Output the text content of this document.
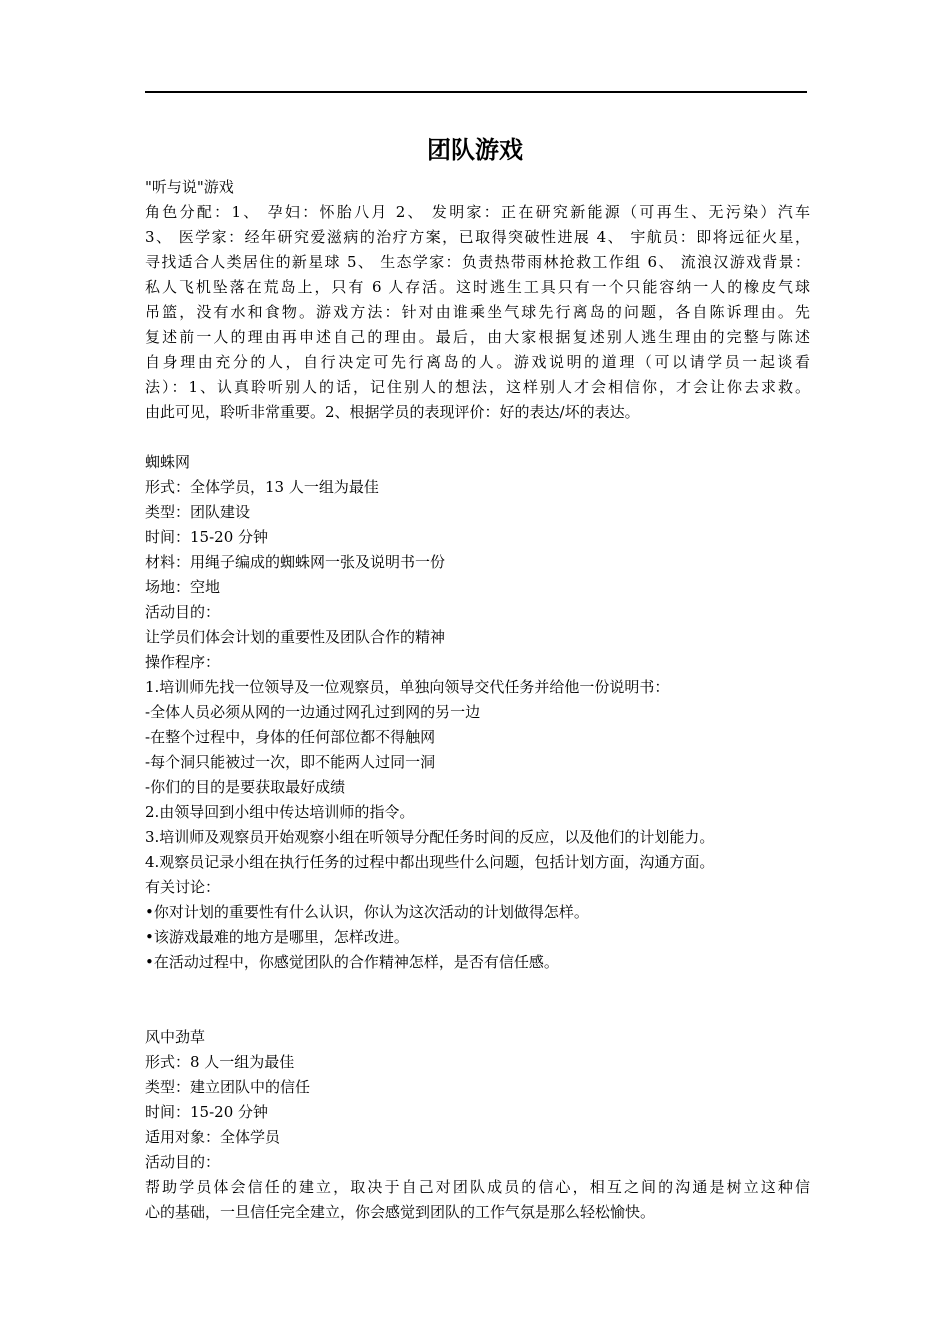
团队游戏
"听与说"游戏
角色分配：1、 孕妇：怀胎八月 2、 发明家：正在研究新能源（可再生、无污染）汽车
3、 医学家：经年研究爱滋病的治疗方案，已取得突破性进展 4、 宇航员：即将远征火星，
寻找适合人类居住的新星球 5、 生态学家：负责热带雨林抢救工作组 6、 流浪汉游戏背景：
私人飞机坠落在荒岛上，只有 6 人存活。这时逃生工具只有一个只能容纳一人的橡皮气球
吊篮，没有水和食物。游戏方法：针对由谁乘坐气球先行离岛的问题，各自陈诉理由。先
复述前一人的理由再申述自己的理由。最后，由大家根据复述别人逃生理由的完整与陈述
自身理由充分的人，自行决定可先行离岛的人。游戏说明的道理（可以请学员一起谈看
法）：1、认真聆听别人的话，记住别人的想法，这样别人才会相信你，才会让你去求救。
由此可见，聆听非常重要。2、根据学员的表现评价：好的表达/坏的表达。
蜘蛛网
形式：全体学员，13 人一组为最佳
类型：团队建设
时间：15-20 分钟
材料：用绳子编成的蜘蛛网一张及说明书一份
场地：空地
活动目的：
让学员们体会计划的重要性及团队合作的精神
操作程序：
1.培训师先找一位领导及一位观察员，单独向领导交代任务并给他一份说明书：
-全体人员必须从网的一边通过网孔过到网的另一边
-在整个过程中，身体的任何部位都不得触网
-每个洞只能被过一次，即不能两人过同一洞
-你们的目的是要获取最好成绩
2.由领导回到小组中传达培训师的指令。
3.培训师及观察员开始观察小组在听领导分配任务时间的反应，以及他们的计划能力。
4.观察员记录小组在执行任务的过程中都出现些什么问题，包括计划方面，沟通方面。
有关讨论：
•你对计划的重要性有什么认识，你认为这次活动的计划做得怎样。
•该游戏最难的地方是哪里，怎样改进。
•在活动过程中，你感觉团队的合作精神怎样，是否有信任感。
风中劲草
形式：8 人一组为最佳
类型：建立团队中的信任
时间：15-20 分钟
适用对象：全体学员
活动目的：
帮助学员体会信任的建立，取决于自己对团队成员的信心，相互之间的沟通是树立这种信
心的基础，一旦信任完全建立，你会感觉到团队的工作气氛是那么轻松愉快。
